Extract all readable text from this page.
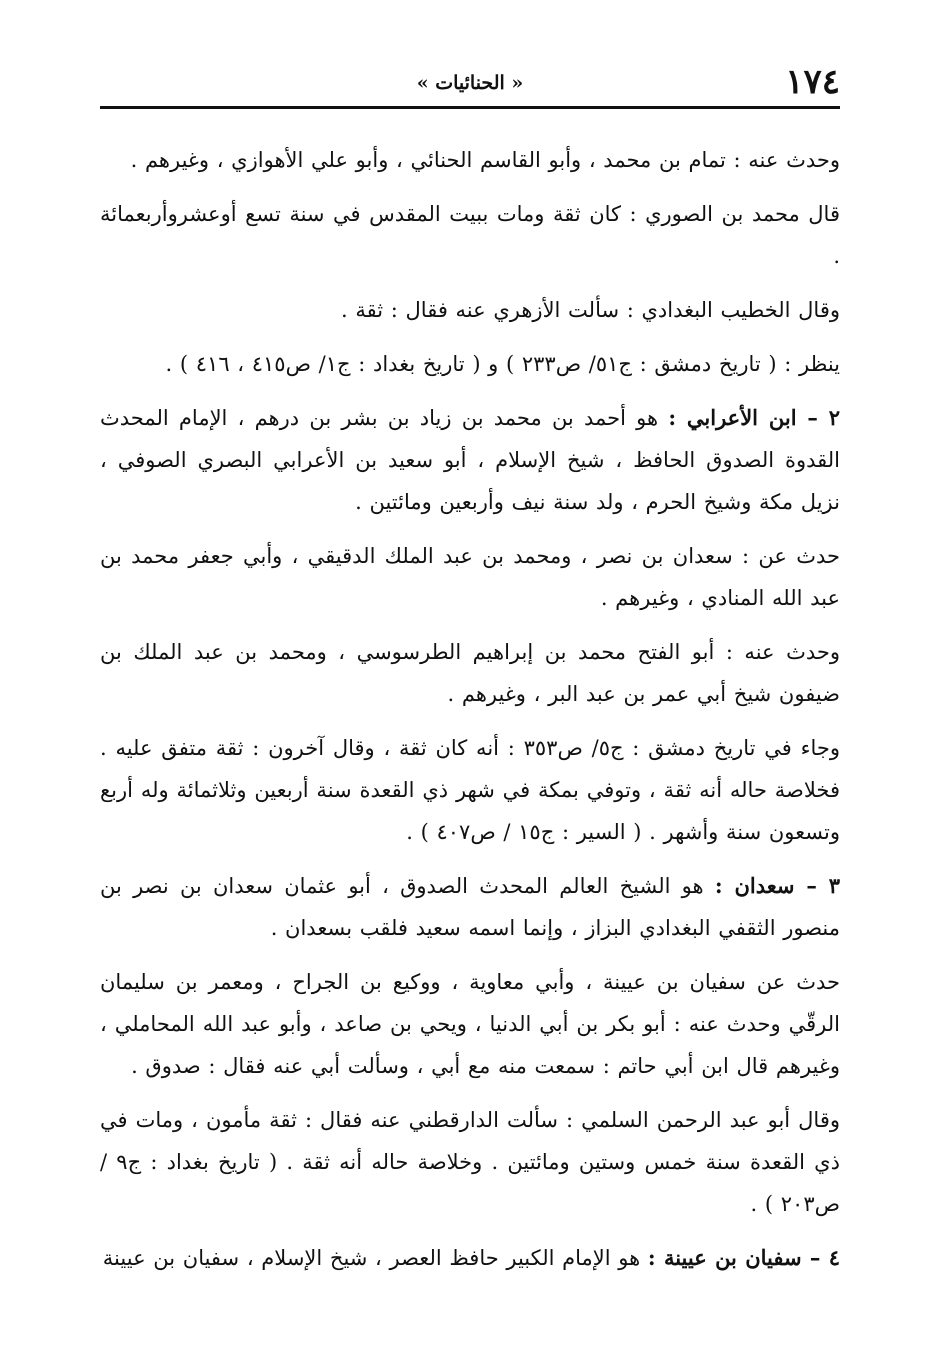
١٧٤
« الحنائيات »

وحدث عنه : تمام بن محمد ، وأبو القاسم الحنائي ، وأبو علي الأهوازي ، وغيرهم .

قال محمد بن الصوري : كان ثقة ومات ببيت المقدس في سنة تسع أوعشروأربعمائة .

وقال الخطيب البغدادي : سألت الأزهري عنه فقال : ثقة .

ينظر : ( تاريخ دمشق : ج٥١/ ص٢٣٣ ) و ( تاريخ بغداد : ج١/ ص٤١٥ ، ٤١٦ ) .

٢ – ابن الأعرابي : هو أحمد بن محمد بن زياد بن بشر بن درهم ، الإمام المحدث القدوة الصدوق الحافظ ، شيخ الإسلام ، أبو سعيد بن الأعرابي البصري الصوفي ، نزيل مكة وشيخ الحرم ، ولد سنة نيف وأربعين ومائتين .

حدث عن : سعدان بن نصر ، ومحمد بن عبد الملك الدقيقي ، وأبي جعفر محمد بن عبد الله المنادي ، وغيرهم .

وحدث عنه : أبو الفتح محمد بن إبراهيم الطرسوسي ، ومحمد بن عبد الملك بن ضيفون شيخ أبي عمر بن عبد البر ، وغيرهم .

وجاء في تاريخ دمشق : ج٥/ ص٣٥٣ : أنه كان ثقة ، وقال آخرون : ثقة متفق عليه . فخلاصة حاله أنه ثقة ، وتوفي بمكة في شهر ذي القعدة سنة أربعين وثلاثمائة وله أربع وتسعون سنة وأشهر . ( السير : ج١٥ / ص٤٠٧ ) .

٣ – سعدان : هو الشيخ العالم المحدث الصدوق ، أبو عثمان سعدان بن نصر بن منصور الثقفي البغدادي البزاز ، وإنما اسمه سعيد فلقب بسعدان .

حدث عن سفيان بن عيينة ، وأبي معاوية ، ووكيع بن الجراح ، ومعمر بن سليمان الرقّي وحدث عنه : أبو بكر بن أبي الدنيا ، ويحي بن صاعد ، وأبو عبد الله المحاملي ، وغيرهم قال ابن أبي حاتم : سمعت منه مع أبي ، وسألت أبي عنه فقال : صدوق .

وقال أبو عبد الرحمن السلمي : سألت الدارقطني عنه فقال : ثقة مأمون ، ومات في ذي القعدة سنة خمس وستين ومائتين . وخلاصة حاله أنه ثقة . ( تاريخ بغداد : ج٩ / ص٢٠٣ ) .

٤ – سفيان بن عيينة : هو الإمام الكبير حافظ العصر ، شيخ الإسلام ، سفيان بن عيينة
